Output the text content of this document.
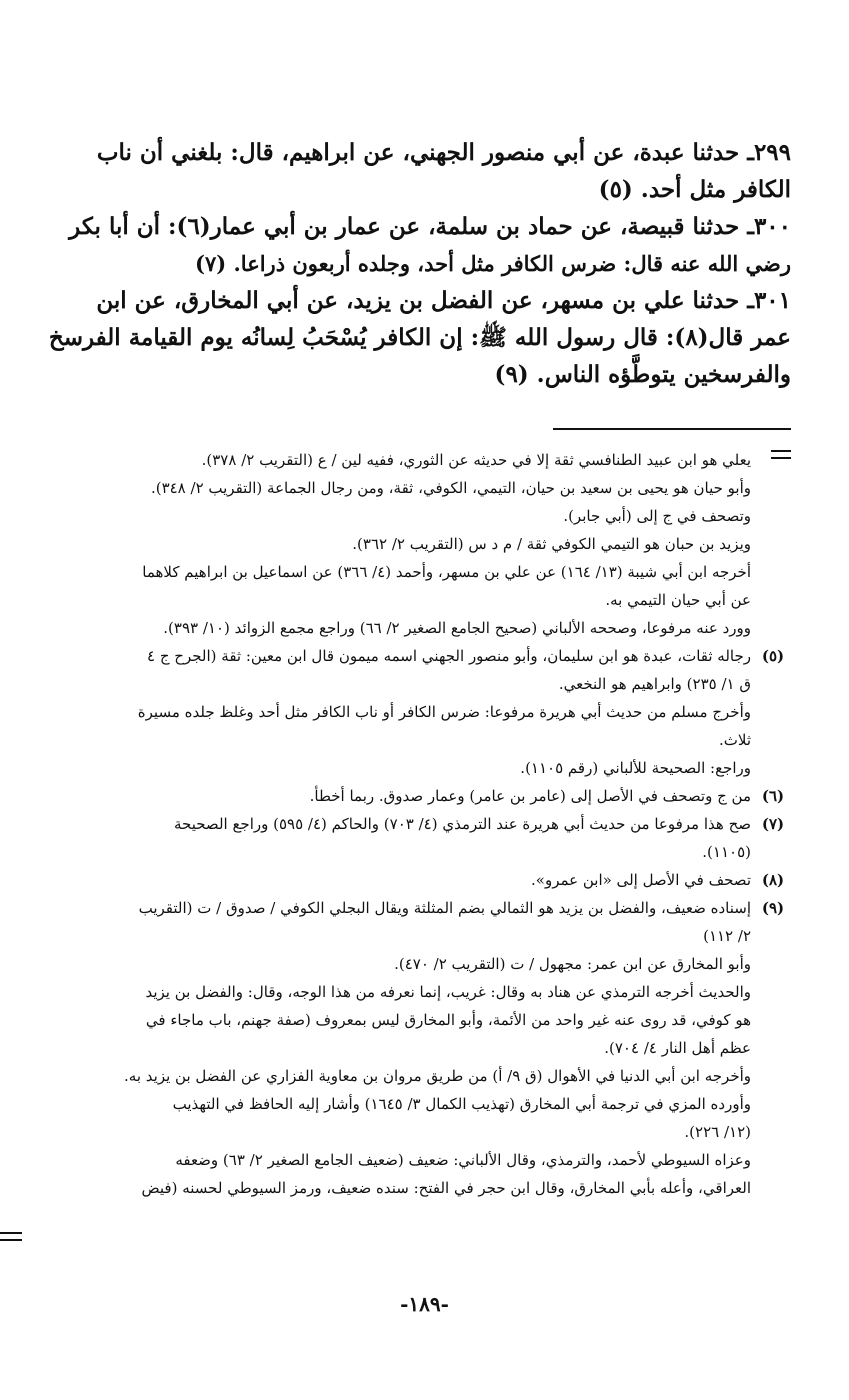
٢٩٩ـ حدثنا عبدة، عن أبي منصور الجهني، عن ابراهيم، قال: بلغني أن ناب
الكافر مثل أحد. (٥)
٣٠٠ـ حدثنا قبيصة، عن حماد بن سلمة، عن عمار بن أبي عمار(٦): أن أبا بكر
رضي الله عنه قال: ضرس الكافر مثل أحد، وجلده أربعون ذراعا. (٧)
٣٠١ـ حدثنا علي بن مسهر، عن الفضل بن يزيد، عن أبي المخارق، عن ابن
عمر قال(٨): قال رسول الله ﷺ: إن الكافر يُسْحَبُ لِسانُه يوم القيامة الفرسخ
والفرسخين يتوطَّؤه الناس. (٩)
يعلي هو ابن عبيد الطنافسي ثقة إلا في حديثه عن الثوري، ففيه لين / ع (التقريب ٢/ ٣٧٨).
وأبو حيان هو يحيى بن سعيد بن حيان، التيمي، الكوفي، ثقة، ومن رجال الجماعة (التقريب ٢/ ٣٤٨).
وتصحف في ج إلى (أبي جابر).
ويزيد بن حبان هو التيمي الكوفي ثقة / م د س (التقريب ٢/ ٣٦٢).
أخرجه ابن أبي شيبة (١٣/ ١٦٤) عن علي بن مسهر، وأحمد (٤/ ٣٦٦) عن اسماعيل بن ابراهيم كلاهما
عن أبي حيان التيمي به.
وورد عنه مرفوعا، وصححه الألباني (صحيح الجامع الصغير ٢/ ٦٦) وراجع مجمع الزوائد (١٠/ ٣٩٣).
(٥)
رجاله ثقات، عبدة هو ابن سليمان، وأبو منصور الجهني اسمه ميمون قال ابن معين: ثقة (الجرح ج ٤
ق ١/ ٢٣٥) وابراهيم هو النخعي.
وأخرج مسلم من حديث أبي هريرة مرفوعا: ضرس الكافر أو ناب الكافر مثل أحد وغلظ جلده مسيرة
ثلاث.
وراجع: الصحيحة للألباني (رقم ١١٠٥).
(٦)
من ج وتصحف في الأصل إلى (عامر بن عامر) وعمار صدوق. ربما أخطأ.
(٧)
صح هذا مرفوعا من حديث أبي هريرة عند الترمذي (٤/ ٧٠٣) والحاكم (٤/ ٥٩٥) وراجع الصحيحة
(١١٠٥).
(٨)
تصحف في الأصل إلى «ابن عمرو».
(٩)
إسناده ضعيف، والفضل بن يزيد هو الثمالي بضم المثلثة ويقال البجلي الكوفي / صدوق / ت (التقريب
٢/ ١١٢)
وأبو المخارق عن ابن عمر: مجهول / ت (التقريب ٢/ ٤٧٠).
والحديث أخرجه الترمذي عن هناد به وقال: غريب، إنما نعرفه من هذا الوجه، وقال: والفضل بن يزيد
هو كوفي، قد روى عنه غير واحد من الأئمة، وأبو المخارق ليس بمعروف (صفة جهنم، باب ماجاء في
عظم أهل النار ٤/ ٧٠٤).
وأخرجه ابن أبي الدنيا في الأهوال (ق ٩/ أ) من طريق مروان بن معاوية الفزاري عن الفضل بن يزيد به.
وأورده المزي في ترجمة أبي المخارق (تهذيب الكمال ٣/ ١٦٤٥) وأشار إليه الحافظ في التهذيب
(١٢/ ٢٢٦).
وعزاه السيوطي لأحمد، والترمذي، وقال الألباني: ضعيف (ضعيف الجامع الصغير ٢/ ٦٣) وضعفه
العراقي، وأعله بأبي المخارق، وقال ابن حجر في الفتح: سنده ضعيف، ورمز السيوطي لحسنه (فيض
-١٨٩-
